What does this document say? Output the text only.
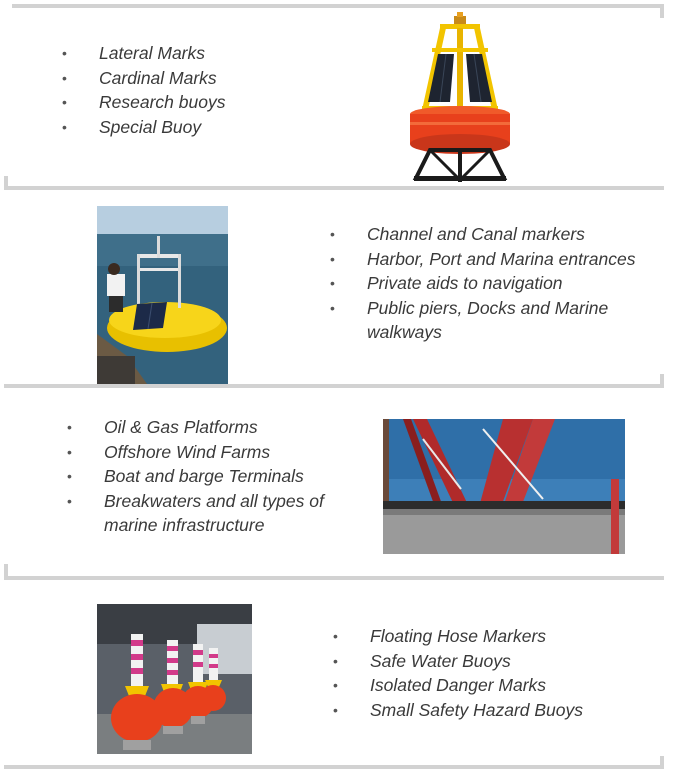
• Lateral Marks
• Cardinal Marks
• Research buoys
• Special Buoy
• Channel and Canal markers
• Harbor, Port and Marina entrances
• Private aids to navigation
• Public piers, Docks and Marine walkways
• Oil & Gas Platforms
• Offshore Wind Farms
• Boat and barge Terminals
• Breakwaters and all types of marine infrastructure
• Floating Hose Markers
• Safe Water Buoys
• Isolated Danger Marks
• Small Safety Hazard Buoys
